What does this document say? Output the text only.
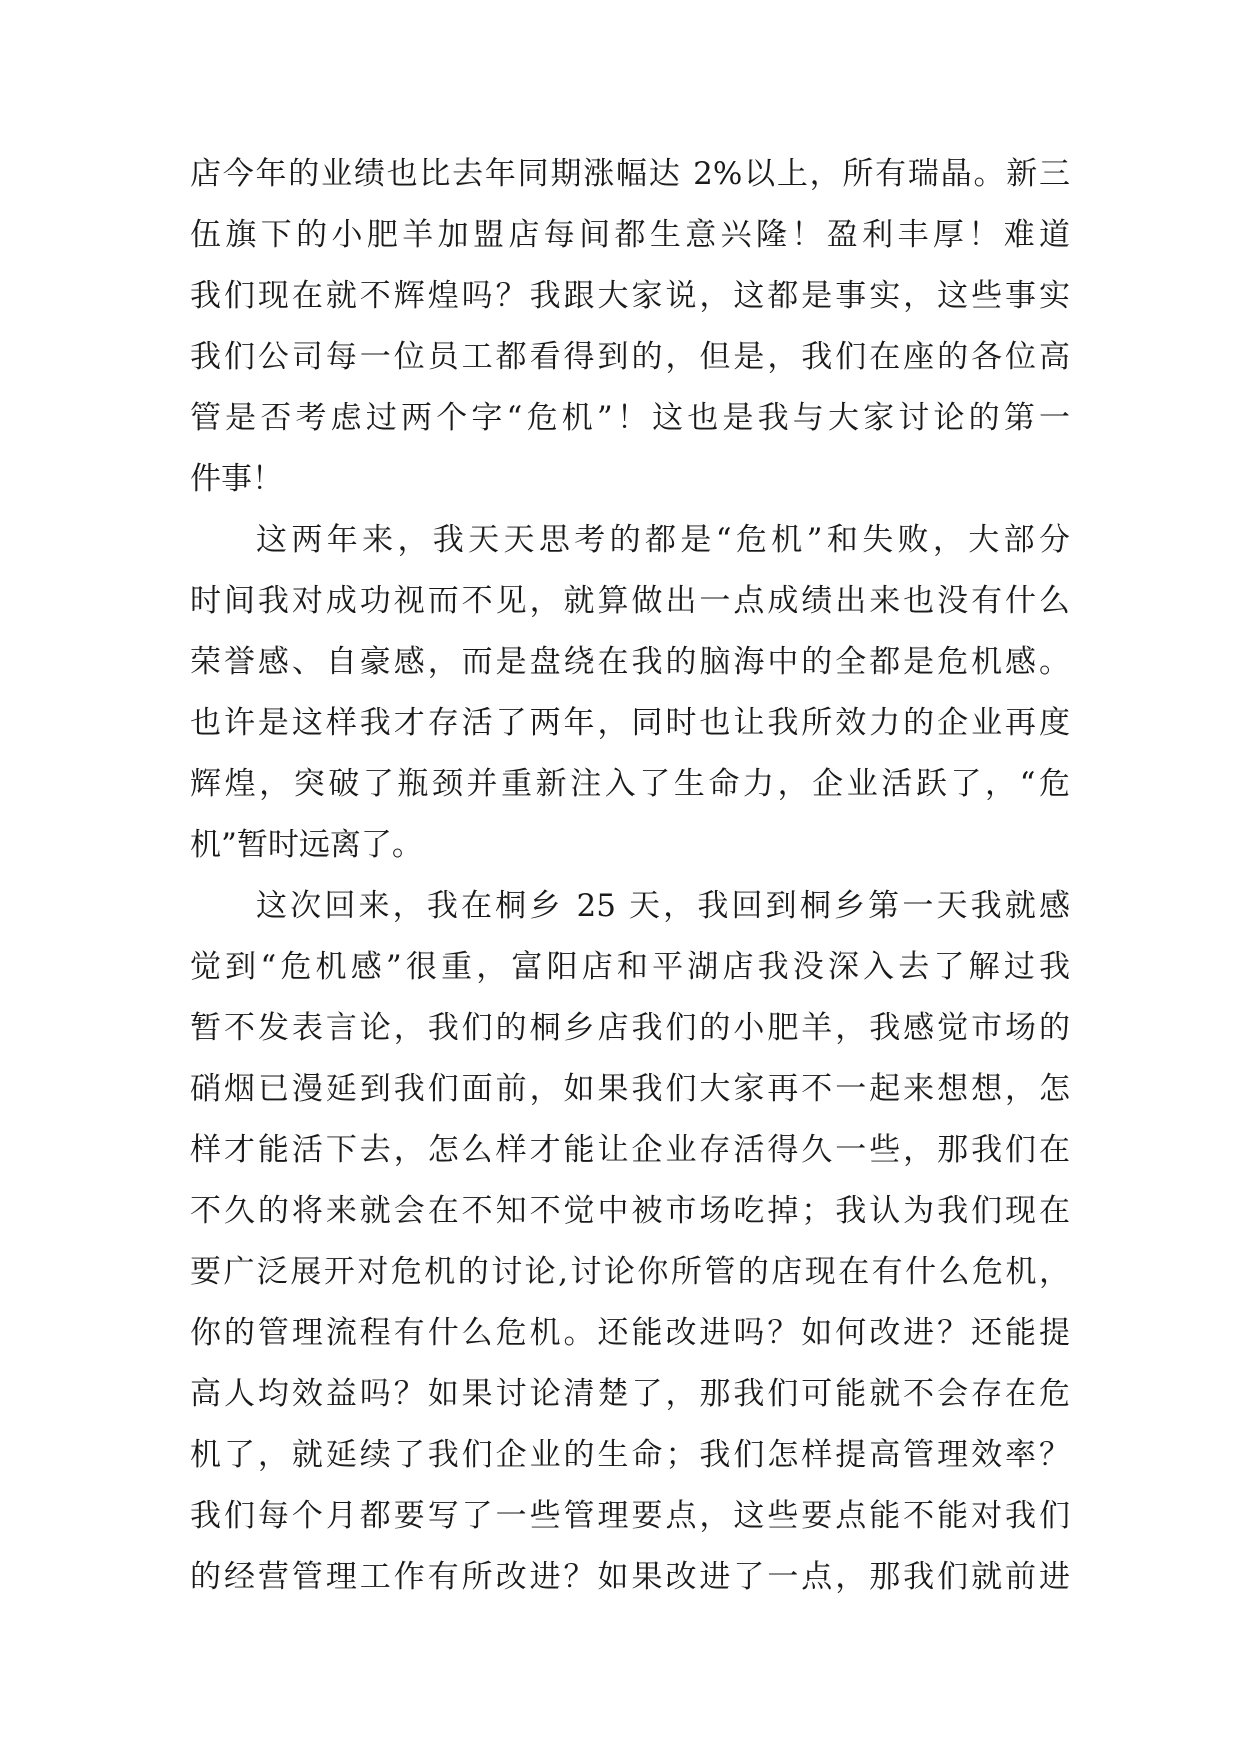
店今年的业绩也比去年同期涨幅达 2%以上，所有瑞晶。新三
伍旗下的小肥羊加盟店每间都生意兴隆！盈利丰厚！难道
我们现在就不辉煌吗？我跟大家说，这都是事实，这些事实
我们公司每一位员工都看得到的，但是，我们在座的各位高
管是否考虑过两个字“危机”！这也是我与大家讨论的第一
件事！
这两年来，我天天思考的都是“危机”和失败，大部分
时间我对成功视而不见，就算做出一点成绩出来也没有什么
荣誉感、自豪感，而是盘绕在我的脑海中的全都是危机感。
也许是这样我才存活了两年，同时也让我所效力的企业再度
辉煌，突破了瓶颈并重新注入了生命力，企业活跃了，“危
机”暂时远离了。
这次回来，我在桐乡 25 天，我回到桐乡第一天我就感
觉到“危机感”很重，富阳店和平湖店我没深入去了解过我
暂不发表言论，我们的桐乡店我们的小肥羊，我感觉市场的
硝烟已漫延到我们面前，如果我们大家再不一起来想想，怎
样才能活下去，怎么样才能让企业存活得久一些，那我们在
不久的将来就会在不知不觉中被市场吃掉；我认为我们现在
要广泛展开对危机的讨论,讨论你所管的店现在有什么危机，
你的管理流程有什么危机。还能改进吗？如何改进？还能提
高人均效益吗？如果讨论清楚了，那我们可能就不会存在危
机了，就延续了我们企业的生命；我们怎样提高管理效率？
我们每个月都要写了一些管理要点，这些要点能不能对我们
的经营管理工作有所改进？如果改进了一点，那我们就前进
